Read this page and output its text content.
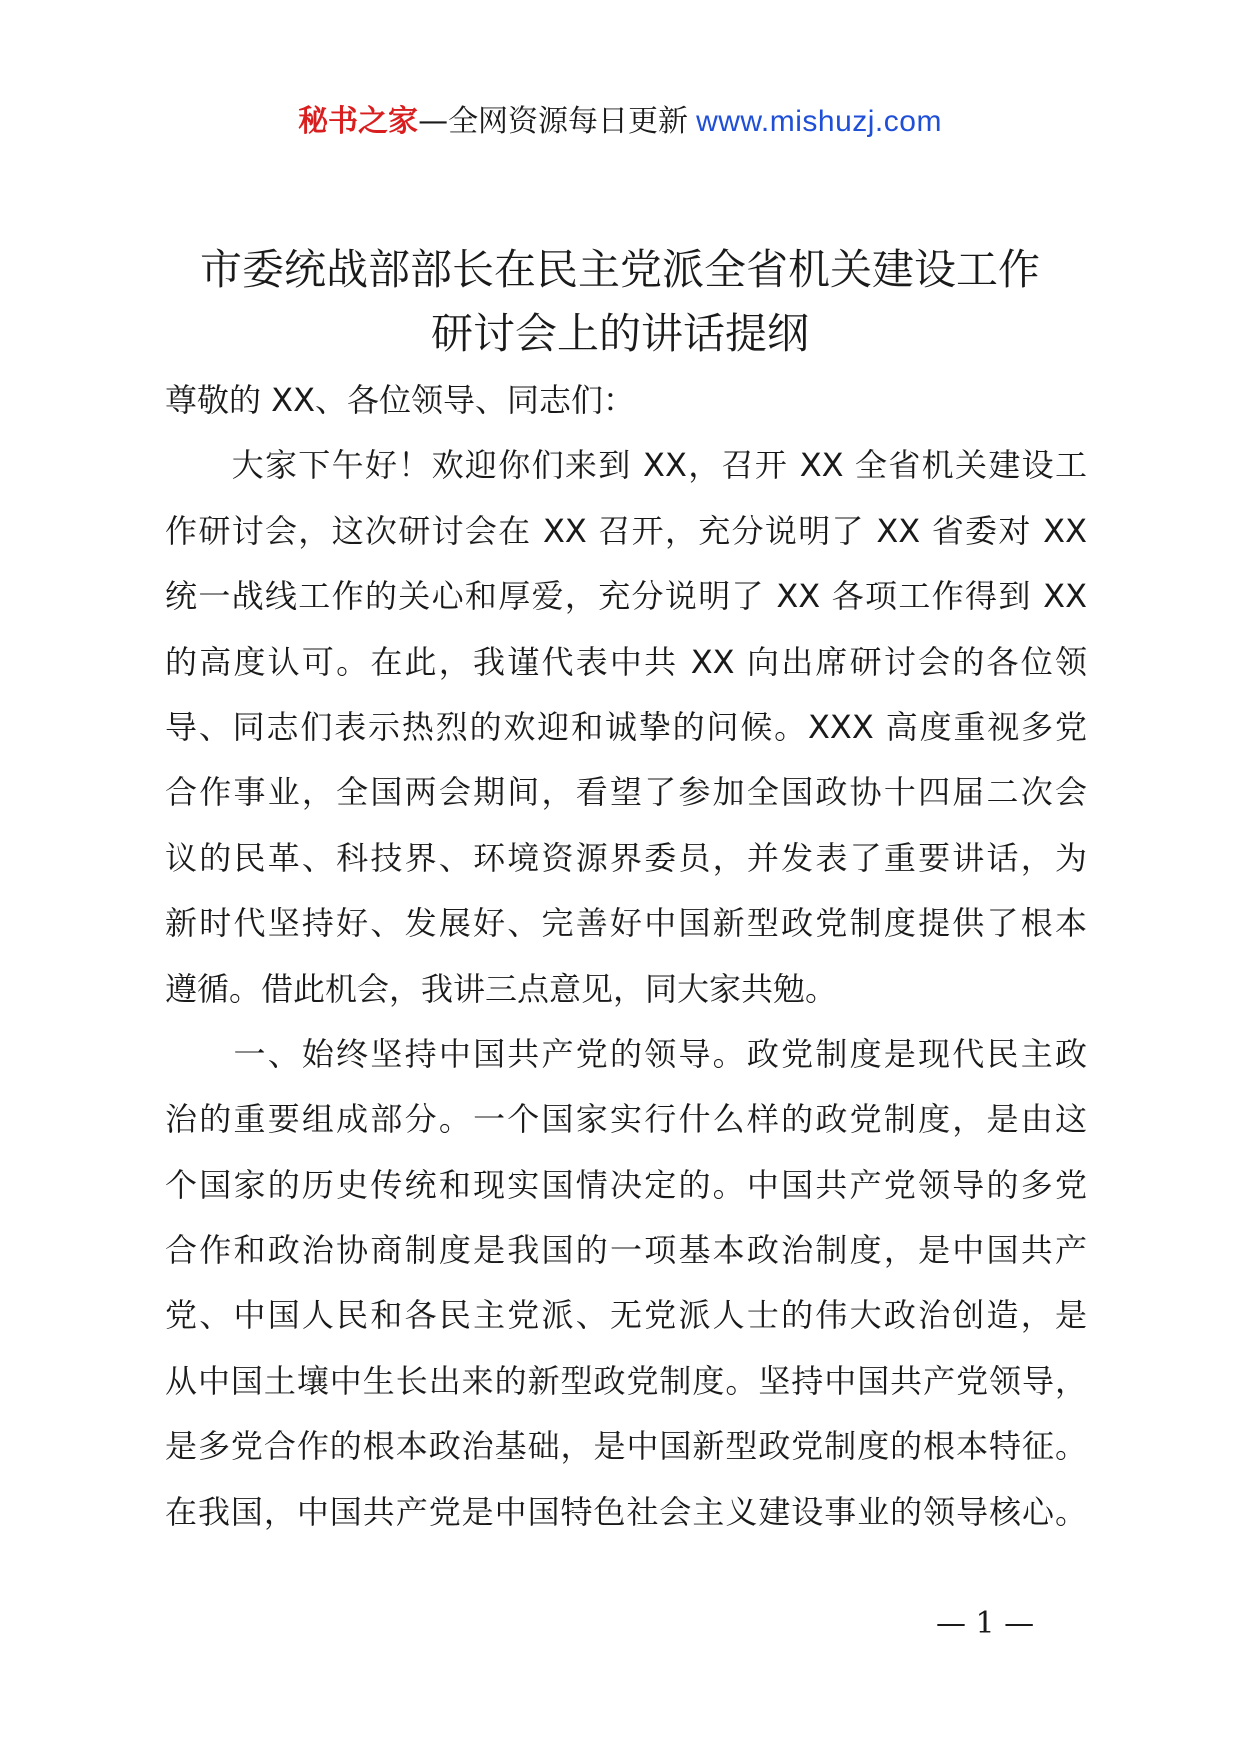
秘书之家—全网资源每日更新 www.mishuzj.com
市委统战部部长在民主党派全省机关建设工作
研讨会上的讲话提纲
尊敬的 XX、各位领导、同志们：
　　大家下午好！欢迎你们来到 XX，召开 XX 全省机关建设工
作研讨会，这次研讨会在 XX 召开，充分说明了 XX 省委对 XX
统一战线工作的关心和厚爱，充分说明了 XX 各项工作得到 XX
的高度认可。在此，我谨代表中共 XX 向出席研讨会的各位领
导、同志们表示热烈的欢迎和诚挚的问候。XXX 高度重视多党
合作事业，全国两会期间，看望了参加全国政协十四届二次会
议的民革、科技界、环境资源界委员，并发表了重要讲话，为
新时代坚持好、发展好、完善好中国新型政党制度提供了根本
遵循。借此机会，我讲三点意见，同大家共勉。
　　一、始终坚持中国共产党的领导。政党制度是现代民主政
治的重要组成部分。一个国家实行什么样的政党制度，是由这
个国家的历史传统和现实国情决定的。中国共产党领导的多党
合作和政治协商制度是我国的一项基本政治制度，是中国共产
党、中国人民和各民主党派、无党派人士的伟大政治创造，是
从中国土壤中生长出来的新型政党制度。坚持中国共产党领导，
是多党合作的根本政治基础，是中国新型政党制度的根本特征。
在我国，中国共产党是中国特色社会主义建设事业的领导核心。
— 1 —
